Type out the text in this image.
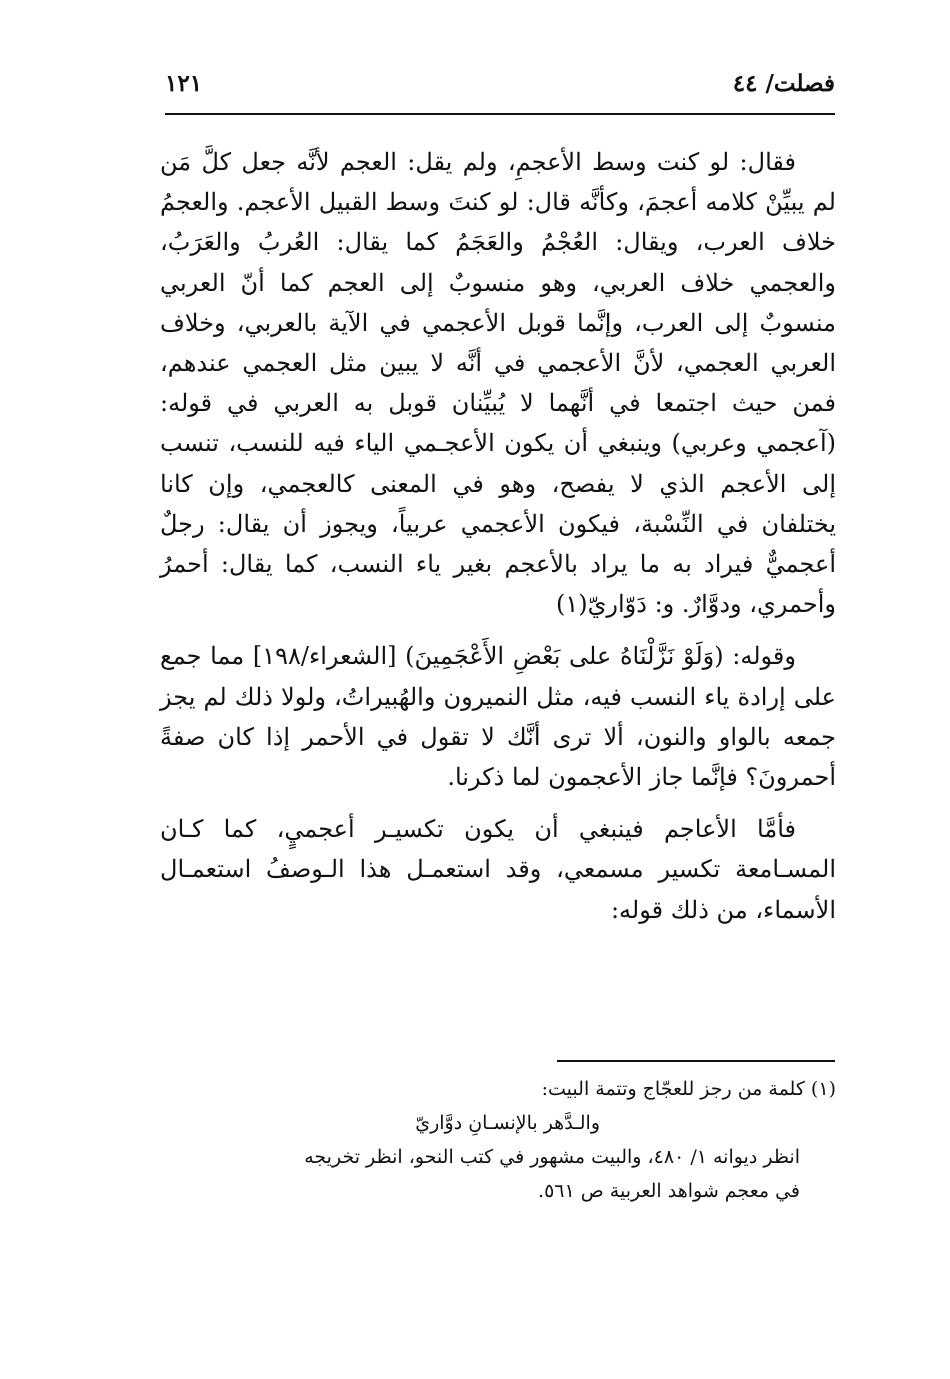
فصلت/ ٤٤
١٢١

فقال: لو كنت وسط الأعجمِ، ولم يقل: العجم لأنَّه جعل كلَّ مَن لم يبيِّنْ كلامه أعجمَ، وكأنَّه قال: لو كنتَ وسط القبيل الأعجم. والعجمُ خلاف العرب، ويقال: العُجْمُ والعَجَمُ كما يقال: العُربُ والعَرَبُ، والعجمي خلاف العربي، وهو منسوبٌ إلى العجم كما أنّ العربي منسوبٌ إلى العرب، وإنَّما قوبل الأعجمي في الآية بالعربي، وخلاف العربي العجمي، لأنَّ الأعجمي في أنَّه لا يبين مثل العجمي عندهم، فمن حيث اجتمعا في أنَّهما لا يُبيِّنان قوبل به العربي في قوله: (آعجمي وعربي) وينبغي أن يكون الأعجـمي الياء فيه للنسب، تنسب إلى الأعجم الذي لا يفصح، وهو في المعنى كالعجمي، وإن كانا يختلفان في النِّسْبة، فيكون الأعجمي عربياً، ويجوز أن يقال: رجلٌ أعجميٌّ فيراد به ما يراد بالأعجم بغير ياء النسب، كما يقال: أحمرُ وأحمري، ودوَّارٌ. و: دَوّاريّ(١)

وقوله: (وَلَوْ نَزَّلْنَاهُ على بَعْضِ الأَعْجَمِينَ) [الشعراء/١٩٨] مما جمع على إرادة ياء النسب فيه، مثل النميرون والهُبيراتُ، ولولا ذلك لم يجز جمعه بالواو والنون، ألا ترى أنَّك لا تقول في الأحمر إذا كان صفةً أحمرونَ؟ فإنَّما جاز الأعجمون لما ذكرنا.

فأمَّا الأعاجم فينبغي أن يكون تكسيـر أعجميٍ، كما كـان المسـامعة تكسير مسمعي، وقد استعمـل هذا الـوصفُ استعمـال الأسماء، من ذلك قوله:

(١) كلمة من رجز للعجّاج وتتمة البيت:

والـدَّهر بالإنسـانِ دوَّاريّ

انظر ديوانه ١/ ٤٨٠، والبيت مشهور في كتب النحو، انظر تخريجه

في معجم شواهد العربية ص ٥٦١.
